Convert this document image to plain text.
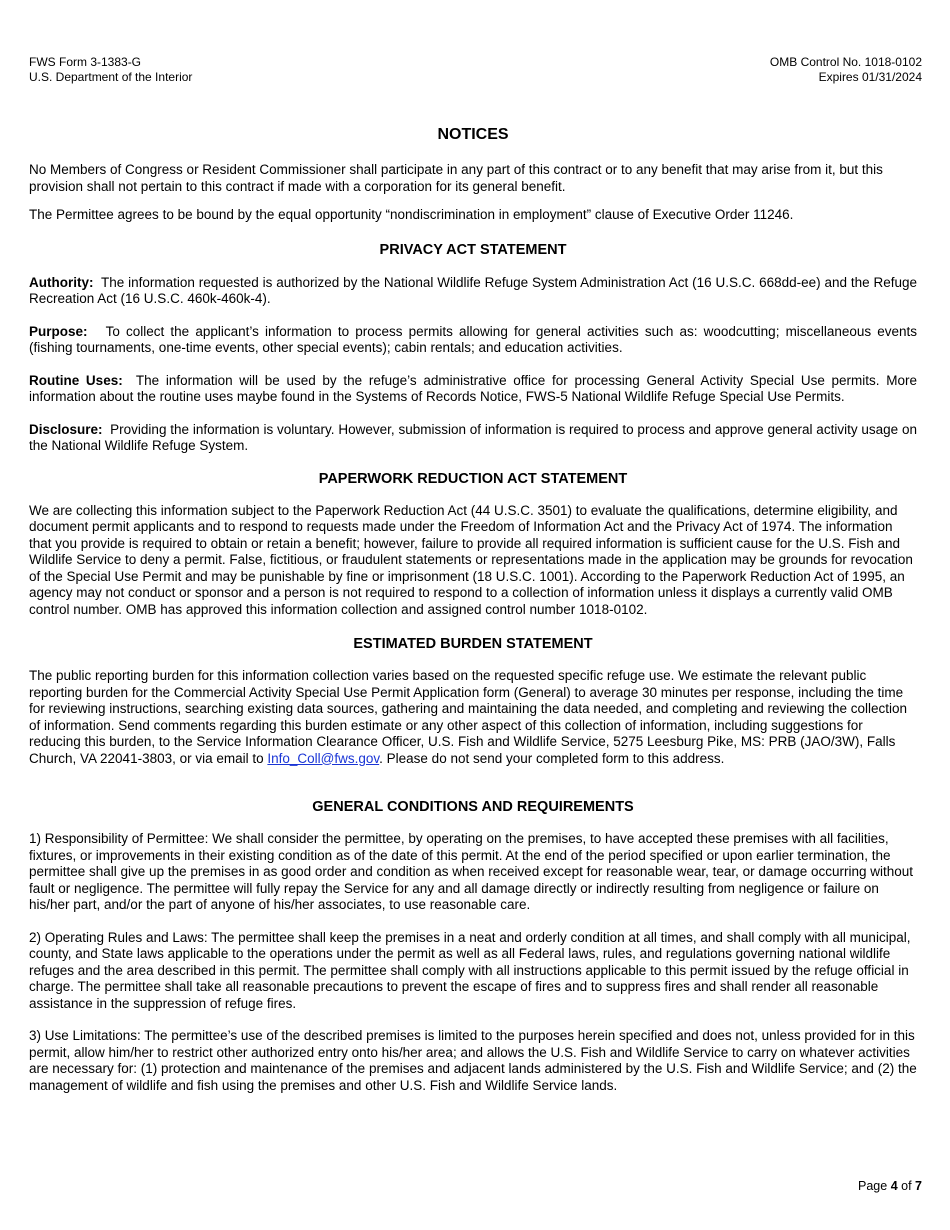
FWS Form 3-1383-G
U.S. Department of the Interior
OMB Control No. 1018-0102
Expires 01/31/2024
NOTICES

No Members of Congress or Resident Commissioner shall participate in any part of this contract or to any benefit that may arise from it, but this provision shall not pertain to this contract if made with a corporation for its general benefit.

The Permittee agrees to be bound by the equal opportunity “nondiscrimination in employment” clause of Executive Order 11246.

PRIVACY ACT STATEMENT

Authority: The information requested is authorized by the National Wildlife Refuge System Administration Act (16 U.S.C. 668dd-ee) and the Refuge Recreation Act (16 U.S.C. 460k-460k-4).

Purpose: To collect the applicant’s information to process permits allowing for general activities such as: woodcutting; miscellaneous events (fishing tournaments, one-time events, other special events); cabin rentals; and education activities.

Routine Uses: The information will be used by the refuge’s administrative office for processing General Activity Special Use permits. More information about the routine uses maybe found in the Systems of Records Notice, FWS-5 National Wildlife Refuge Special Use Permits.

Disclosure: Providing the information is voluntary. However, submission of information is required to process and approve general activity usage on the National Wildlife Refuge System.

PAPERWORK REDUCTION ACT STATEMENT

We are collecting this information subject to the Paperwork Reduction Act (44 U.S.C. 3501) to evaluate the qualifications, determine eligibility, and document permit applicants and to respond to requests made under the Freedom of Information Act and the Privacy Act of 1974. The information that you provide is required to obtain or retain a benefit; however, failure to provide all required information is sufficient cause for the U.S. Fish and Wildlife Service to deny a permit. False, fictitious, or fraudulent statements or representations made in the application may be grounds for revocation of the Special Use Permit and may be punishable by fine or imprisonment (18 U.S.C. 1001). According to the Paperwork Reduction Act of 1995, an agency may not conduct or sponsor and a person is not required to respond to a collection of information unless it displays a currently valid OMB control number. OMB has approved this information collection and assigned control number 1018-0102.

ESTIMATED BURDEN STATEMENT

The public reporting burden for this information collection varies based on the requested specific refuge use. We estimate the relevant public reporting burden for the Commercial Activity Special Use Permit Application form (General) to average 30 minutes per response, including the time for reviewing instructions, searching existing data sources, gathering and maintaining the data needed, and completing and reviewing the collection of information. Send comments regarding this burden estimate or any other aspect of this collection of information, including suggestions for reducing this burden, to the Service Information Clearance Officer, U.S. Fish and Wildlife Service, 5275 Leesburg Pike, MS: PRB (JAO/3W), Falls Church, VA 22041-3803, or via email to Info_Coll@fws.gov. Please do not send your completed form to this address.

GENERAL CONDITIONS AND REQUIREMENTS

1) Responsibility of Permittee: We shall consider the permittee, by operating on the premises, to have accepted these premises with all facilities, fixtures, or improvements in their existing condition as of the date of this permit. At the end of the period specified or upon earlier termination, the permittee shall give up the premises in as good order and condition as when received except for reasonable wear, tear, or damage occurring without fault or negligence. The permittee will fully repay the Service for any and all damage directly or indirectly resulting from negligence or failure on his/her part, and/or the part of anyone of his/her associates, to use reasonable care.

2) Operating Rules and Laws: The permittee shall keep the premises in a neat and orderly condition at all times, and shall comply with all municipal, county, and State laws applicable to the operations under the permit as well as all Federal laws, rules, and regulations governing national wildlife refuges and the area described in this permit. The permittee shall comply with all instructions applicable to this permit issued by the refuge official in charge. The permittee shall take all reasonable precautions to prevent the escape of fires and to suppress fires and shall render all reasonable assistance in the suppression of refuge fires.

3) Use Limitations: The permittee’s use of the described premises is limited to the purposes herein specified and does not, unless provided for in this permit, allow him/her to restrict other authorized entry onto his/her area; and allows the U.S. Fish and Wildlife Service to carry on whatever activities are necessary for: (1) protection and maintenance of the premises and adjacent lands administered by the U.S. Fish and Wildlife Service; and (2) the management of wildlife and fish using the premises and other U.S. Fish and Wildlife Service lands.

Page 4 of 7
